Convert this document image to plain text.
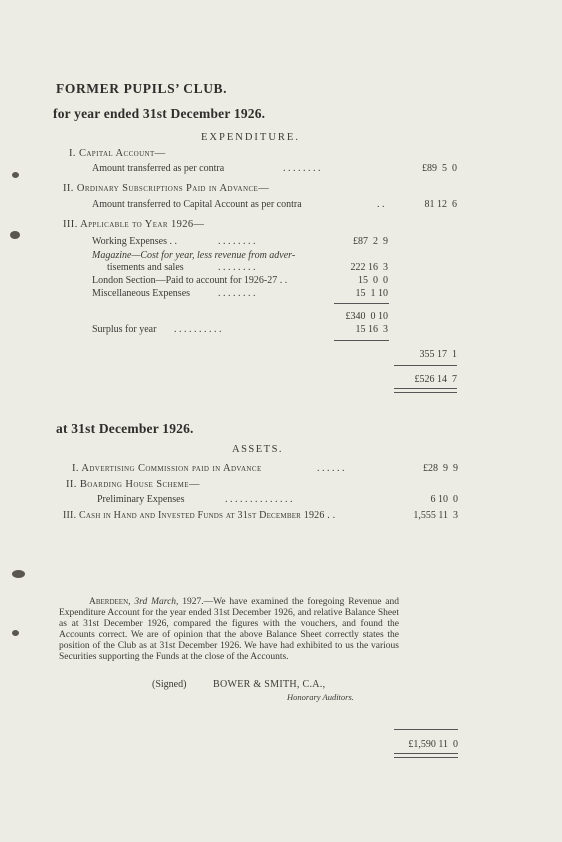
FORMER PUPILS’ CLUB.
for year ended 31st December 1926.
EXPENDITURE.
I. Capital Account—
Amount transferred as per contra	. . . . . . . .	£89  5  0
II. Ordinary Subscriptions Paid in Advance—
Amount transferred to Capital Account as per contra	. .	81 12  6
III. Applicable to Year 1926—
Working Expenses . .	. . . . . . . .	£87  2  9
Magazine—Cost for year, less revenue from adver-
tisements and sales	. . . . . . . .	222 16  3
London Section—Paid to account for 1926-27 . .	15  0  0
Miscellaneous Expenses	. . . . . . . .	15  1 10
£340  0 10
Surplus for year . . . . . . . . . .	15 16  3
355 17  1
£526 14  7
at 31st December 1926.
ASSETS.
I. Advertising Commission paid in Advance	. . . . . .	£28  9  9
II. Boarding House Scheme—
Preliminary Expenses	. . . . . . . . . . . . . .	6 10  0
III. Cash in Hand and Invested Funds at 31st December 1926 . .	1,555 11  3
Aberdeen, 3rd March, 1927.—We have examined the foregoing Revenue and Expenditure Account for the year ended 31st December 1926, and relative Balance Sheet as at 31st December 1926, compared the figures with the vouchers, and found the Accounts correct. We are of opinion that the above Balance Sheet correctly states the position of the Club as at 31st December 1926. We have had exhibited to us the various Securities supporting the Funds at the close of the Accounts.
(Signed)	BOWER & SMITH, C.A.,
Honorary Auditors.
£1,590 11  0
